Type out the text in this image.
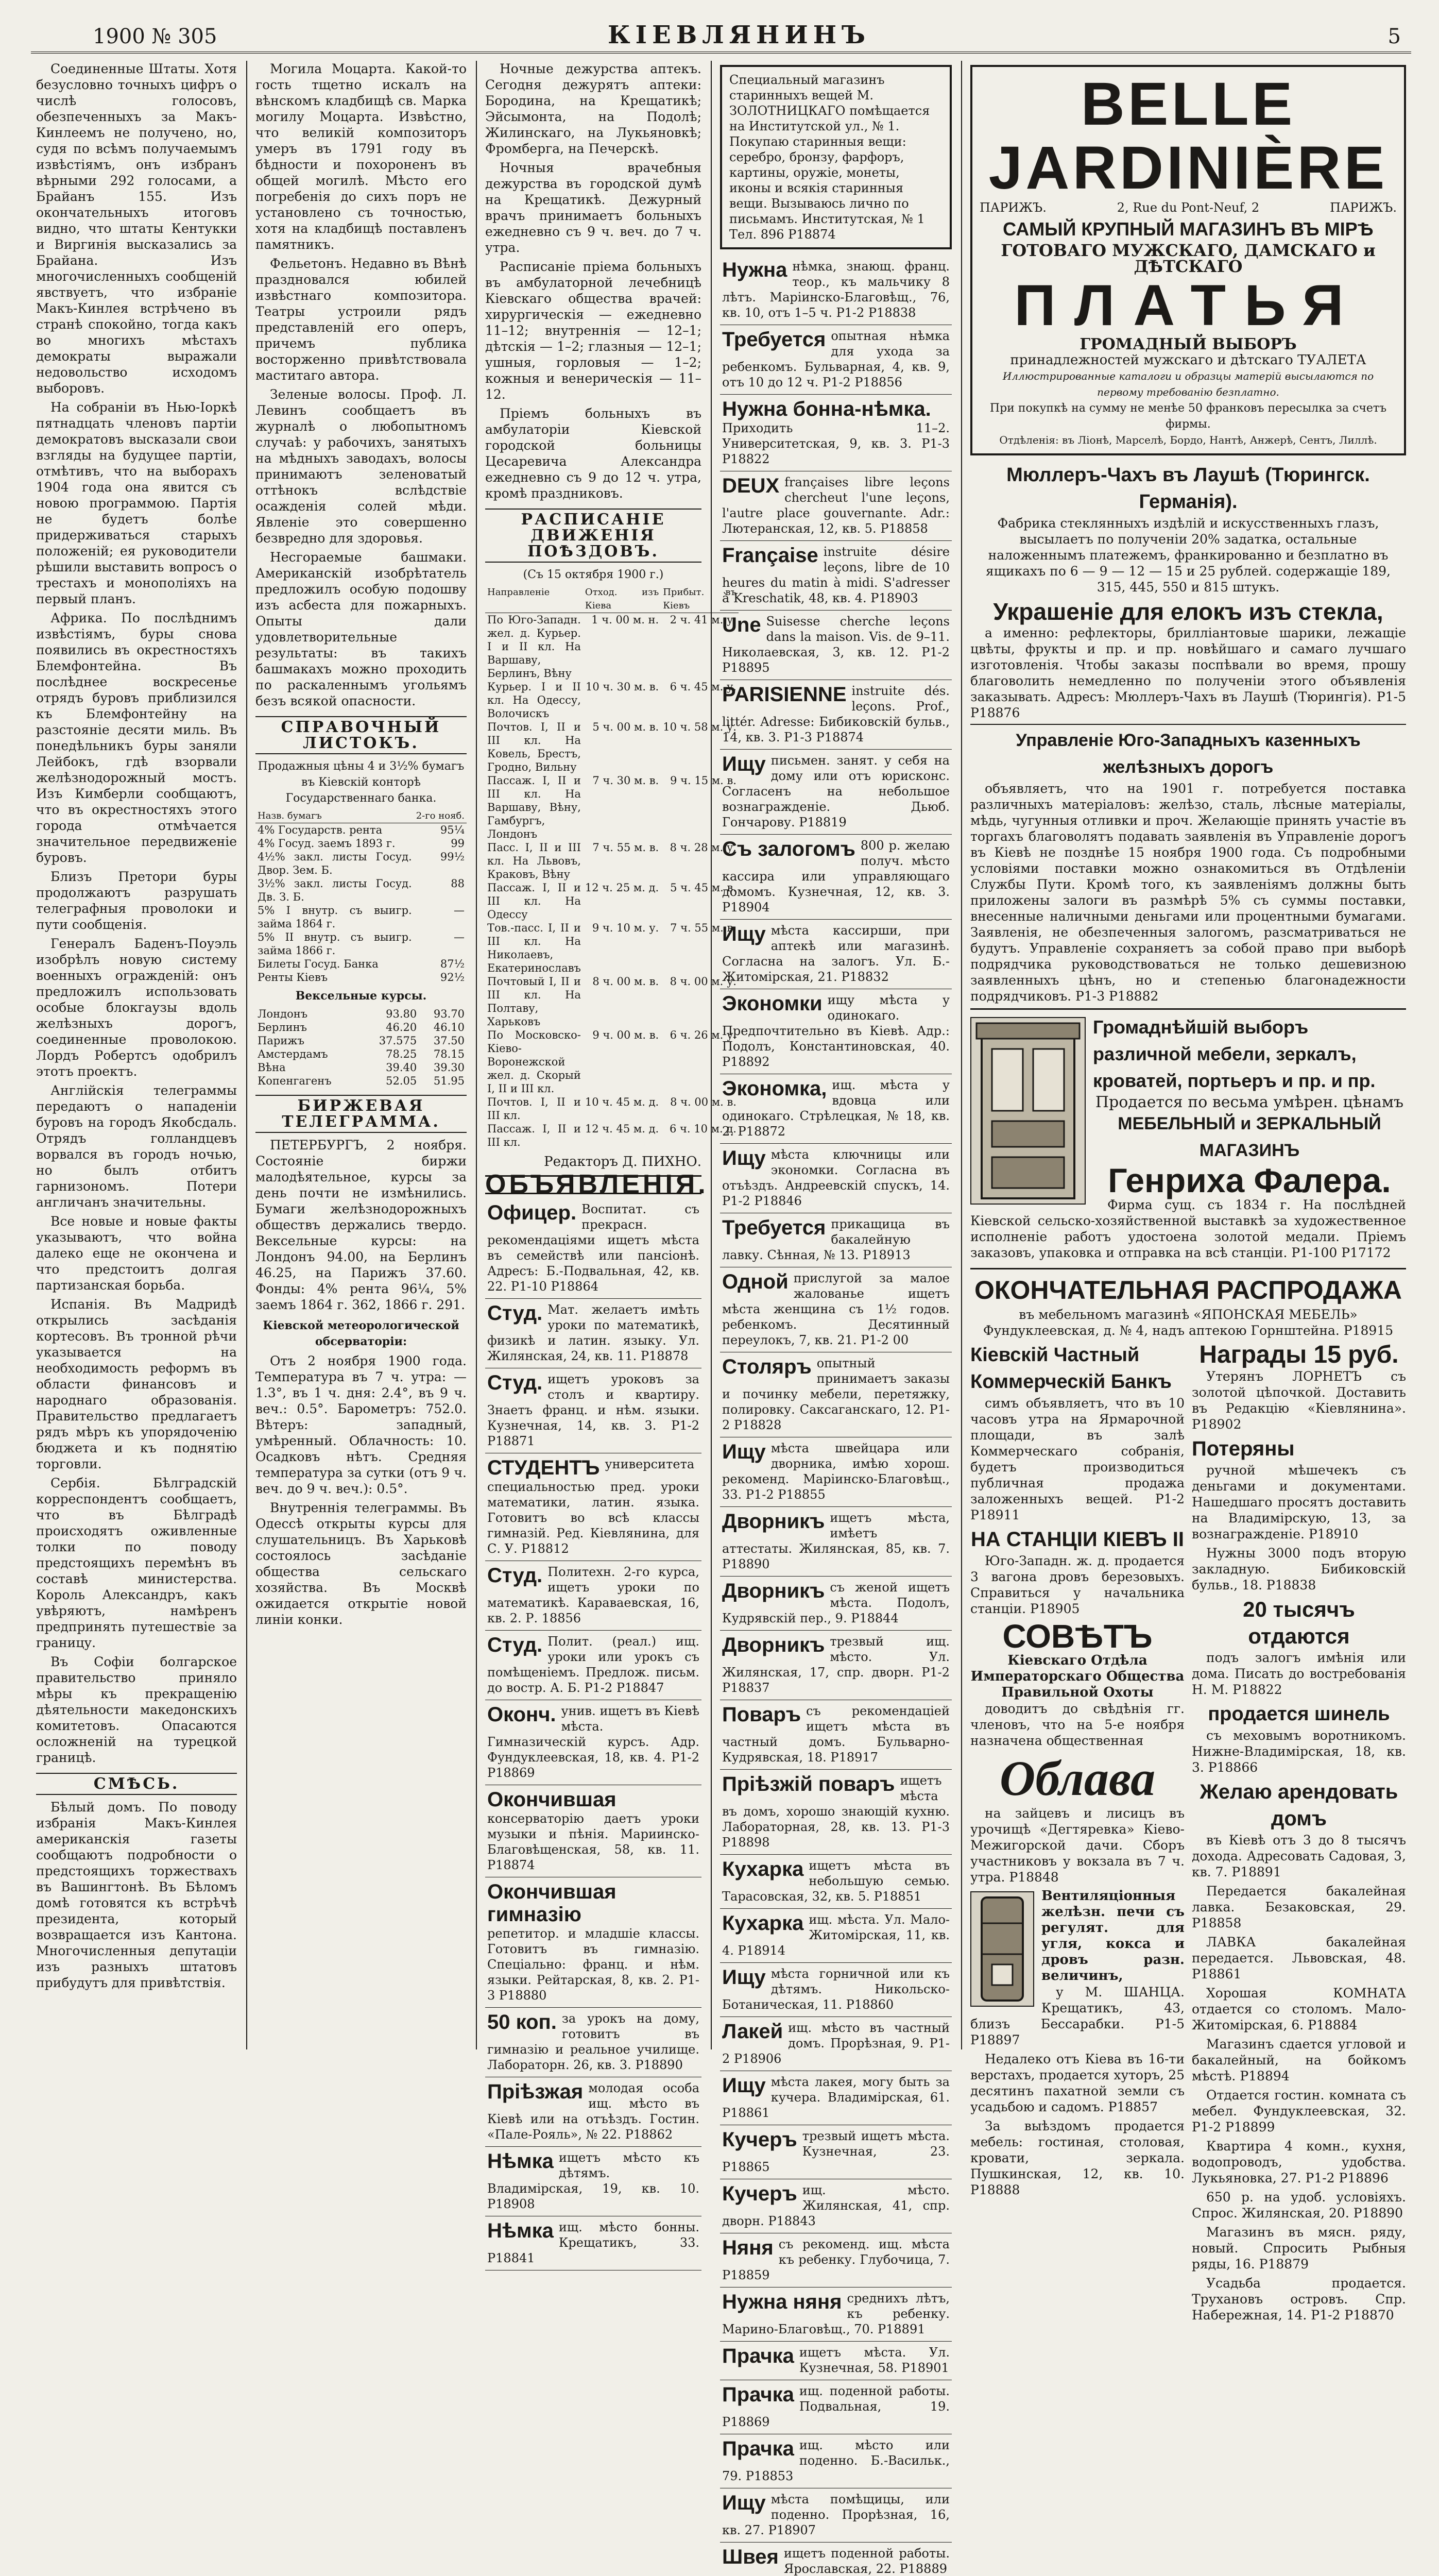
1900 № 305	КІЕВЛЯНИНЪ	5

Соединенные Штаты. Хотя безусловно точныхъ цифръ о числѣ голосовъ, обезпеченныхъ за Макъ-Кинлеемъ не получено, но, судя по всѣмъ получаемымъ извѣстіямъ, онъ избранъ вѣрными 292 голосами, а Брайанъ 155. Изъ окончательныхъ итоговъ видно, что штаты Кентукки и Виргинія высказались за Брайана. Изъ многочисленныхъ сообщеній явствуетъ, что избраніе Макъ-Кинлея встрѣчено въ странѣ спокойно, тогда какъ во многихъ мѣстахъ демократы выражали недовольство исходомъ выборовъ.

На собраніи въ Нью-Іоркѣ пятнадцать членовъ партіи демократовъ высказали свои взгляды на будущее партіи, отмѣтивъ, что на выборахъ 1904 года она явится съ новою программою. Партія не будетъ болѣе придерживаться старыхъ положеній; ея руководители рѣшили выставить вопросъ о трестахъ и монополіяхъ на первый планъ.

Африка. По послѣднимъ извѣстіямъ, буры снова появились въ окрестностяхъ Блемфонтейна. Въ послѣднее воскресенье отрядъ буровъ приблизился къ Блемфонтейну на разстояніе десяти миль. Въ понедѣльникъ буры заняли Лейбокъ, гдѣ взорвали желѣзнодорожный мостъ. Изъ Кимберли сообщаютъ, что въ окрестностяхъ этого города отмѣчается значительное передвиженіе буровъ.

Близъ Претори буры продолжаютъ разрушать телеграфныя проволоки и пути сообщенія.

Генералъ Баденъ-Поуэль изобрѣлъ новую систему военныхъ огражденій: онъ предложилъ использовать особые блокгаузы вдоль желѣзныхъ дорогъ, соединенные проволокою. Лордъ Робертсъ одобрилъ этотъ проектъ.

Англійскія телеграммы передаютъ о нападеніи буровъ на городъ Якобсдаль. Отрядъ голландцевъ ворвался въ городъ ночью, но былъ отбитъ гарнизономъ. Потери англичанъ значительны.

Все новые и новые факты указываютъ, что война далеко еще не окончена и что предстоитъ долгая партизанская борьба.

Испанія. Въ Мадридѣ открылись засѣданія кортесовъ. Въ тронной рѣчи указывается на необходимость реформъ въ области финансовъ и народнаго образованія. Правительство предлагаетъ рядъ мѣръ къ упорядоченію бюджета и къ поднятію торговли.

Сербія. Бѣлградскій корреспондентъ сообщаетъ, что въ Бѣлградѣ происходятъ оживленные толки по поводу предстоящихъ перемѣнъ въ составѣ министерства. Король Александръ, какъ увѣряютъ, намѣренъ предпринять путешествіе за границу.

Въ Софіи болгарское правительство приняло мѣры къ прекращенію дѣятельности македонскихъ комитетовъ. Опасаются осложненій на турецкой границѣ.

СМѢСЬ.

Бѣлый домъ. По поводу избранія Макъ-Кинлея американскія газеты сообщаютъ подробности о предстоящихъ торжествахъ въ Вашингтонѣ. Въ Бѣломъ домѣ готовятся къ встрѣчѣ президента, который возвращается изъ Кантона. Многочисленныя депутаціи изъ разныхъ штатовъ прибудутъ для привѣтствія.

Могила Моцарта. Какой-то гость тщетно искалъ на вѣнскомъ кладбищѣ св. Марка могилу Моцарта. Извѣстно, что великій композиторъ умеръ въ 1791 году въ бѣдности и похороненъ въ общей могилѣ. Мѣсто его погребенія до сихъ поръ не установлено съ точностью, хотя на кладбищѣ поставленъ памятникъ.

Фельетонъ. Недавно въ Вѣнѣ праздновался юбилей извѣстнаго композитора. Театры устроили рядъ представленій его оперъ, причемъ публика восторженно привѣтствовала маститаго автора.

Зеленые волосы. Проф. Л. Левинъ сообщаетъ въ журналѣ о любопытномъ случаѣ: у рабочихъ, занятыхъ на мѣдныхъ заводахъ, волосы принимаютъ зеленоватый оттѣнокъ вслѣдствіе осажденія солей мѣди. Явленіе это совершенно безвредно для здоровья.

Несгораемые башмаки. Американскій изобрѣтатель предложилъ особую подошву изъ асбеста для пожарныхъ. Опыты дали удовлетворительные результаты: въ такихъ башмакахъ можно проходить по раскаленнымъ угольямъ безъ всякой опасности.

СПРАВОЧНЫЙ ЛИСТОКЪ.
Продажныя цѣны 4 и 3½% бумагъ въ Кіевскій конторѣ Государственнаго банка.
Назв. бумагъ	2-го нояб.
4% Государств. рента	95¼
4% Госуд. заемъ 1893 г.	99
4½% закл. листы Госуд. Двор. Зем. Б.	99½
3½% закл. листы Госуд. Дв. З. Б.	88
5% I внутр. съ выигр. займа 1864 г.	—
5% II внутр. съ выигр. займа 1866 г.	—
Билеты Госуд. Банка	87½
Ренты Кіевъ	92½
Вексельные курсы.
Лондонъ	93.80	93.70
Берлинъ	46.20	46.10
Парижъ	37.575	37.50
Амстердамъ	78.25	78.15
Вѣна	39.40	39.30
Копенгагенъ	52.05	51.95
БИРЖЕВАЯ ТЕЛЕГРАММА.

ПЕТЕРБУРГЪ, 2 ноября. Состояніе биржи малодѣятельное, курсы за день почти не измѣнились. Бумаги желѣзнодорожныхъ обществъ держались твердо. Вексельные курсы: на Лондонъ 94.00, на Берлинъ 46.25, на Парижъ 37.60. Фонды: 4% рента 96¼, 5% заемъ 1864 г. 362, 1866 г. 291.

Кіевской метеорологической обсерваторіи:

Отъ 2 ноября 1900 года. Температура въ 7 ч. утра: —1.3°, въ 1 ч. дня: 2.4°, въ 9 ч. веч.: 0.5°. Барометръ: 752.0. Вѣтеръ: западный, умѣренный. Облачность: 10. Осадковъ нѣтъ. Средняя температура за сутки (отъ 9 ч. веч. до 9 ч. веч.): 0.5°.

Внутреннія телеграммы. Въ Одессѣ открыты курсы для слушательницъ. Въ Харьковѣ состоялось засѣданіе общества сельскаго хозяйства. Въ Москвѣ ожидается открытіе новой линіи конки.

Ночные дежурства аптекъ. Сегодня дежурятъ аптеки: Бородина, на Крещатикѣ; Эйсымонта, на Подолѣ; Жилинскаго, на Лукьяновкѣ; Фромберга, на Печерскѣ.

Ночныя врачебныя дежурства въ городской думѣ на Крещатикѣ. Дежурный врачъ принимаетъ больныхъ ежедневно съ 9 ч. веч. до 7 ч. утра.

Расписаніе пріема больныхъ въ амбулаторной лечебницѣ Кіевскаго общества врачей: хирургическія — ежедневно 11–12; внутреннія — 12–1; дѣтскія — 1–2; глазныя — 12–1; ушныя, горловыя — 1–2; кожныя и венерическія — 11–12.

Пріемъ больныхъ въ амбулаторіи Кіевской городской больницы Цесаревича Александра ежедневно съ 9 до 12 ч. утра, кромѣ праздниковъ.

РАСПИСАНІЕ ДВИЖЕНІЯ ПОѢЗДОВЪ.
(Съ 15 октября 1900 г.)
Направленіе	Отход. изъ Кіева	Прибыт. въ Кіевъ
По Юго-Западн. жел. д. Курьер. I и II кл. На Варшаву, Берлинъ, Вѣну	1 ч. 00 м. н.	2 ч. 41 м. у.
Курьер. I и II кл. На Одессу, Волочискъ	10 ч. 30 м. в.	6 ч. 45 м. у.
Почтов. I, II и III кл. На Ковель, Брестъ, Гродно, Вильну	5 ч. 00 м. в.	10 ч. 58 м. у.
Пассаж. I, II и III кл. На Варшаву, Вѣну, Гамбургъ, Лондонъ	7 ч. 30 м. в.	9 ч. 15 м. в.
Пасс. I, II и III кл. На Львовъ, Краковъ, Вѣну	7 ч. 55 м. в.	8 ч. 28 м. у.
Пассаж. I, II и III кл. На Одессу	12 ч. 25 м. д.	5 ч. 45 м. в.
Тов.-пасс. I, II и III кл. На Николаевъ, Екатеринославъ	9 ч. 10 м. у.	7 ч. 55 м. в.
Почтовый I, II и III кл. На Полтаву, Харьковъ	8 ч. 00 м. в.	8 ч. 00 м. у.
По Московско-Кіево-Воронежской жел. д. Скорый I, II и III кл.	9 ч. 00 м. в.	6 ч. 26 м. у.
Почтов. I, II и III кл.	10 ч. 45 м. д.	8 ч. 00 м. в.
Пассаж. I, II и III кл.	12 ч. 45 м. д.	6 ч. 10 м. д.
Редакторъ Д. ПИХНО.
ОБЪЯВЛЕНІЯ.
Офицер. Воспитат. съ прекрасн. рекомендаціями ищетъ мѣста въ семействѣ или пансіонѣ. Адресъ: Б.-Подвальная, 42, кв. 22. Р1-10 P18864
Студ. Мат. желаетъ имѣть уроки по математикѣ, физикѣ и латин. языку. Ул. Жилянская, 24, кв. 11. P18878
Студ. ищетъ уроковъ за столъ и квартиру. Знаетъ франц. и нѣм. языки. Кузнечная, 14, кв. 3. Р1-2 P18871
СТУДЕНТЪ университета специальностью пред. уроки математики, латин. языка. Готовитъ во всѣ классы гимназій. Ред. Кіевлянина, для С. У. P18812
Студ. Политехн. 2-го курса, ищетъ уроки по математикѣ. Караваевская, 16, кв. 2. Р. 18856
Студ. Полит. (реал.) ищ. уроки или урокъ съ помѣщеніемъ. Предлож. письм. до востр. А. Б. Р1-2 P18847
Оконч. унив. ищетъ въ Кіевѣ мѣста. Гимназическій курсъ. Адр. Фундуклеевская, 18, кв. 4. Р1-2 P18869
Окончившая
консерваторію даетъ уроки музыки и пѣнія. Мариинско-Благовѣщенская, 58, кв. 11. P18874
Окончившая гимназію
репетитор. и младшіе классы. Готовитъ въ гимназію. Спеціально: франц. и нѣм. языки. Рейтарская, 8, кв. 2. Р1-3 P18880
50 коп. за урокъ на дому, готовитъ въ гимназію и реальное училище. Лабораторн. 26, кв. 3. P18890
Пріѣзжая молодая особа ищ. мѣсто въ Кіевѣ или на отъѣздъ. Гостин. «Пале-Рояль», № 22. P18862
Нѣмка ищетъ мѣсто къ дѣтямъ. Владимірская, 19, кв. 10. P18908
Нѣмка ищ. мѣсто бонны. Крещатикъ, 33. P18841
Специальный магазинъ старинныхъ вещей М. ЗОЛОТНИЦКАГО помѣщается на Институтской ул., № 1. Покупаю старинныя вещи: серебро, бронзу, фарфоръ, картины, оружіе, монеты, иконы и всякія старинныя вещи. Вызываюсь лично по письмамъ. Институтская, № 1 Тел. 896 P18874
Нужна нѣмка, знающ. франц. теор., къ мальчику 8 лѣтъ. Маріинско-Благовѣщ., 76, кв. 10, отъ 1–5 ч. Р1-2 P18838
Требуется опытная нѣмка для ухода за ребенкомъ. Бульварная, 4, кв. 9, отъ 10 до 12 ч. Р1-2 P18856
Нужна бонна-нѣмка.
Приходить 11–2. Университетская, 9, кв. 3. Р1-3 P18822
DEUX françaises libre leçons chercheut l'une leçons, l'autre place gouvernante. Adr.: Лютеранская, 12, кв. 5. P18858
Française instruite désire leçons, libre de 10 heures du matin à midi. S'adresser à Kreschatik, 48, кв. 4. P18903
Une Suisesse cherche leçons dans la maison. Vis. de 9–11. Николаевская, 3, кв. 12. Р1-2 P18895
PARISIENNE instruite dés. leçons. Prof., littér. Adresse: Бибиковскій бульв., 14, кв. 3. Р1-3 P18874
Ищу письмен. занят. у себя на дому или отъ юрисконс. Согласенъ на небольшое вознагражденіе. Дьюб. Гончарову. P18819
Съ залогомъ 800 р. желаю получ. мѣсто кассира или управляющаго домомъ. Кузнечная, 12, кв. 3. P18904
Ищу мѣста кассирши, при аптекѣ или магазинѣ. Согласна на залогъ. Ул. Б.-Житомірская, 21. P18832
Экономки ищу мѣста у одинокаго. Предпочтительно въ Кіевѣ. Адр.: Подолъ, Константиновская, 40. P18892
Экономка, ищ. мѣста у вдовца или одинокаго. Стрѣлецкая, № 18, кв. 2. P18872
Ищу мѣста ключницы или экономки. Согласна въ отъѣздъ. Андреевскій спускъ, 14. Р1-2 P18846
Требуется прикащица въ бакалейную лавку. Сѣнная, № 13. P18913
Одной прислугой за малое жалованье ищетъ мѣста женщина съ 1½ годов. ребенкомъ. Десятинный переулокъ, 7, кв. 21. Р1-2 00
Столяръ опытный принимаетъ заказы и починку мебели, перетяжку, полировку. Саксаганскаго, 12. Р1-2 P18828
Ищу мѣста швейцара или дворника, имѣю хорош. рекоменд. Маріинско-Благовѣщ., 33. Р1-2 P18855
Дворникъ ищетъ мѣста, имѣетъ аттестаты. Жилянская, 85, кв. 7. P18890
Дворникъ съ женой ищетъ мѣста. Подолъ, Кудрявскій пер., 9. P18844
Дворникъ трезвый ищ. мѣсто. Ул. Жилянская, 17, спр. дворн. Р1-2 P18837
Поваръ съ рекомендаціей ищетъ мѣста въ частный домъ. Бульварно-Кудрявская, 18. P18917
Пріѣзжій поваръ ищетъ мѣста въ домъ, хорошо знающій кухню. Лабораторная, 28, кв. 13. Р1-3 P18898
Кухарка ищетъ мѣста въ небольшую семью. Тарасовская, 32, кв. 5. P18851
Кухарка ищ. мѣста. Ул. Мало-Житомірская, 11, кв. 4. P18914
Ищу мѣста горничной или къ дѣтямъ. Никольско-Ботаническая, 11. P18860
Лакей ищ. мѣсто въ частный домъ. Прорѣзная, 9. Р1-2 P18906
Ищу мѣста лакея, могу быть за кучера. Владимірская, 61. P18861
Кучеръ трезвый ищетъ мѣста. Кузнечная, 23. P18865
Кучеръ ищ. мѣсто. Жилянская, 41, спр. дворн. P18843
Няня съ рекоменд. ищ. мѣста къ ребенку. Глубочица, 7. P18859
Нужна няня среднихъ лѣтъ, къ ребенку. Марино-Благовѣщ., 70. P18891
Прачка ищетъ мѣста. Ул. Кузнечная, 58. Р18901
Прачка ищ. поденной работы. Подвальная, 19. P18869
Прачка ищ. мѣсто или поденно. Б.-Васильк., 79. P18853
Ищу мѣста помѣщицы, или поденно. Прорѣзная, 16, кв. 27. P18907
Швея ищетъ поденной работы. Ярославская, 22. P18889
BELLE JARDINIÈRE
ПАРИЖЪ.	2, Rue du Pont-Neuf, 2	ПАРИЖЪ.
САМЫЙ КРУПНЫЙ МАГАЗИНЪ ВЪ МІРѢ
ГОТОВАГО МУЖСКАГО, ДАМСКАГО и ДѢТСКАГО
ПЛАТЬЯ
ГРОМАДНЫЙ ВЫБОРЪ
принадлежностей мужскаго и дѣтскаго ТУАЛЕТА
Иллюстрированные каталоги и образцы матерій высылаются по первому требованію безплатно.
При покупкѣ на сумму не менѣе 50 франковъ пересылка за счетъ фирмы.
Отдѣленія: въ Ліонѣ, Марселѣ, Бордо, Нантѣ, Анжерѣ, Сентъ, Лиллѣ.
Мюллеръ-Чахъ въ Лаушѣ (Тюрингск. Германія).

Фабрика стеклянныхъ издѣлій и искусственныхъ глазъ, высылаетъ по полученіи 20% задатка, остальные наложеннымъ платежемъ, франкированно и безплатно въ ящикахъ по 6 — 9 — 12 — 15 и 25 рублей. содержащіе 189, 315, 445, 550 и 815 штукъ.

Украшеніе для елокъ изъ стекла,

а именно: рефлекторы, бриллiантовые шарики, лежащіе цвѣты, фрукты и пр. и пр. новѣйшаго и самаго лучшаго изготовленія. Чтобы заказы поспѣвали во время, прошу благоволить немедленно по полученіи этого объявленія заказывать. Адресъ: Мюллеръ-Чахъ въ Лаушѣ (Тюрингія). Р1-5 P18876

Управленіе Юго-Западныхъ казенныхъ желѣзныхъ дорогъ

объявляетъ, что на 1901 г. потребуется поставка различныхъ матеріаловъ: желѣзо, сталь, лѣсные матеріалы, мѣдь, чугунныя отливки и проч. Желающіе принять участіе въ торгахъ благоволятъ подавать заявленія въ Управленіе дорогъ въ Кіевѣ не позднѣе 15 ноября 1900 года. Съ подробными условіями поставки можно ознакомиться въ Отдѣленіи Службы Пути. Кромѣ того, къ заявленіямъ должны быть приложены залоги въ размѣрѣ 5% съ суммы поставки, внесенные наличными деньгами или процентными бумагами. Заявленія, не обезпеченныя залогомъ, разсматриваться не будутъ. Управленіе сохраняетъ за собой право при выборѣ подрядчика руководствоваться не только дешевизною заявленныхъ цѣнъ, но и степенью благонадежности подрядчиковъ. Р1-3 P18882

Громаднѣйшій выборъ различной мебели, зеркалъ, кроватей, портьеръ и пр. и пр.
Продается по весьма умѣрен. цѣнамъ
МЕБЕЛЬНЫЙ и ЗЕРКАЛЬНЫЙ МАГАЗИНЪ
Генриха Фалера.

Фирма сущ. съ 1834 г. На послѣдней Кіевской сельско-хозяйственной выставкѣ за художественное исполненіе работъ удостоена золотой медали. Пріемъ заказовъ, упаковка и отправка на всѣ станціи. Р1-100 P17172

ОКОНЧАТЕЛЬНАЯ РАСПРОДАЖА

въ мебельномъ магазинѣ «ЯПОНСКАЯ МЕБЕЛЬ» Фундуклеевская, д. № 4, надъ аптекою Горнштейна. P18915

Кіевскій Частный Коммерческій Банкъ

симъ объявляетъ, что въ 10 часовъ утра на Ярмарочной площади, въ залѣ Коммерческаго собранія, будетъ производиться публичная продажа заложенныхъ вещей. Р1-2 P18911

НА СТАНЦІИ КІЕВЪ II

Юго-Западн. ж. д. продается 3 вагона дровъ березовыхъ. Справиться у начальника станціи. P18905

СОВѢТЪ
Кіевскаго Отдѣла Императорскаго Общества Правильной Охоты

доводитъ до свѣдѣнія гг. членовъ, что на 5-е ноября назначена общественная

Облава

на зайцевъ и лисицъ въ урочищѣ «Дегтяревка» Кіево-Межигорской дачи. Сборъ участниковъ у вокзала въ 7 ч. утра. Р18848

Вентиляціонныя желѣзн. печи съ регулят. для угля, кокса и дровъ разн. величинъ,

у М. ШАНЦА. Крещатикъ, 43, близъ Бессарабки. Р1-5 P18897

Недалеко отъ Кіева въ 16-ти верстахъ, продается хуторъ, 25 десятинъ пахатной земли съ усадьбою и садомъ. P18857

За выѣздомъ продается мебель: гостиная, столовая, кровати, зеркала. Пушкинская, 12, кв. 10. P18888

Награды 15 руб.

Утерянъ ЛОРНЕТЪ съ золотой цѣпочкой. Доставить въ Редакцію «Кіевлянина». P18902

Потеряны

ручной мѣшечекъ съ деньгами и документами. Нашедшаго просятъ доставить на Владимірскую, 13, за вознагражденіе. P18910

Нужны 3000 подъ вторую закладную. Бибиковскій бульв., 18. P18838

20 тысячъ отдаются

подъ залогъ имѣнія или дома. Писать до востребованія Н. М. P18822

продается шинель

съ меховымъ воротникомъ. Нижне-Владимірская, 18, кв. 3. P18866

Желаю арендовать домъ

въ Кіевѣ отъ 3 до 8 тысячъ дохода. Адресовать Садовая, 3, кв. 7. P18891

Передается бакалейная лавка. Безаковская, 29. P18858

ЛАВКА бакалейная передается. Львовская, 48. P18861

Хорошая КОМНАТА отдается со столомъ. Мало-Житомірская, 6. P18884

Магазинъ сдается угловой и бакалейный, на бойкомъ мѣстѣ. P18894

Отдается гостин. комната съ мебел. Фундуклеевская, 32. Р1-2 P18899

Квартира 4 комн., кухня, водопроводъ, удобства. Лукьяновка, 27. Р1-2 P18896

650 р. на удоб. условіяхъ. Спрос. Жилянская, 20. P18890

Магазинъ въ мясн. ряду, новый. Спросить Рыбныя ряды, 16. P18879

Усадьба продается. Трухановъ островъ. Спр. Набережная, 14. Р1-2 P18870
